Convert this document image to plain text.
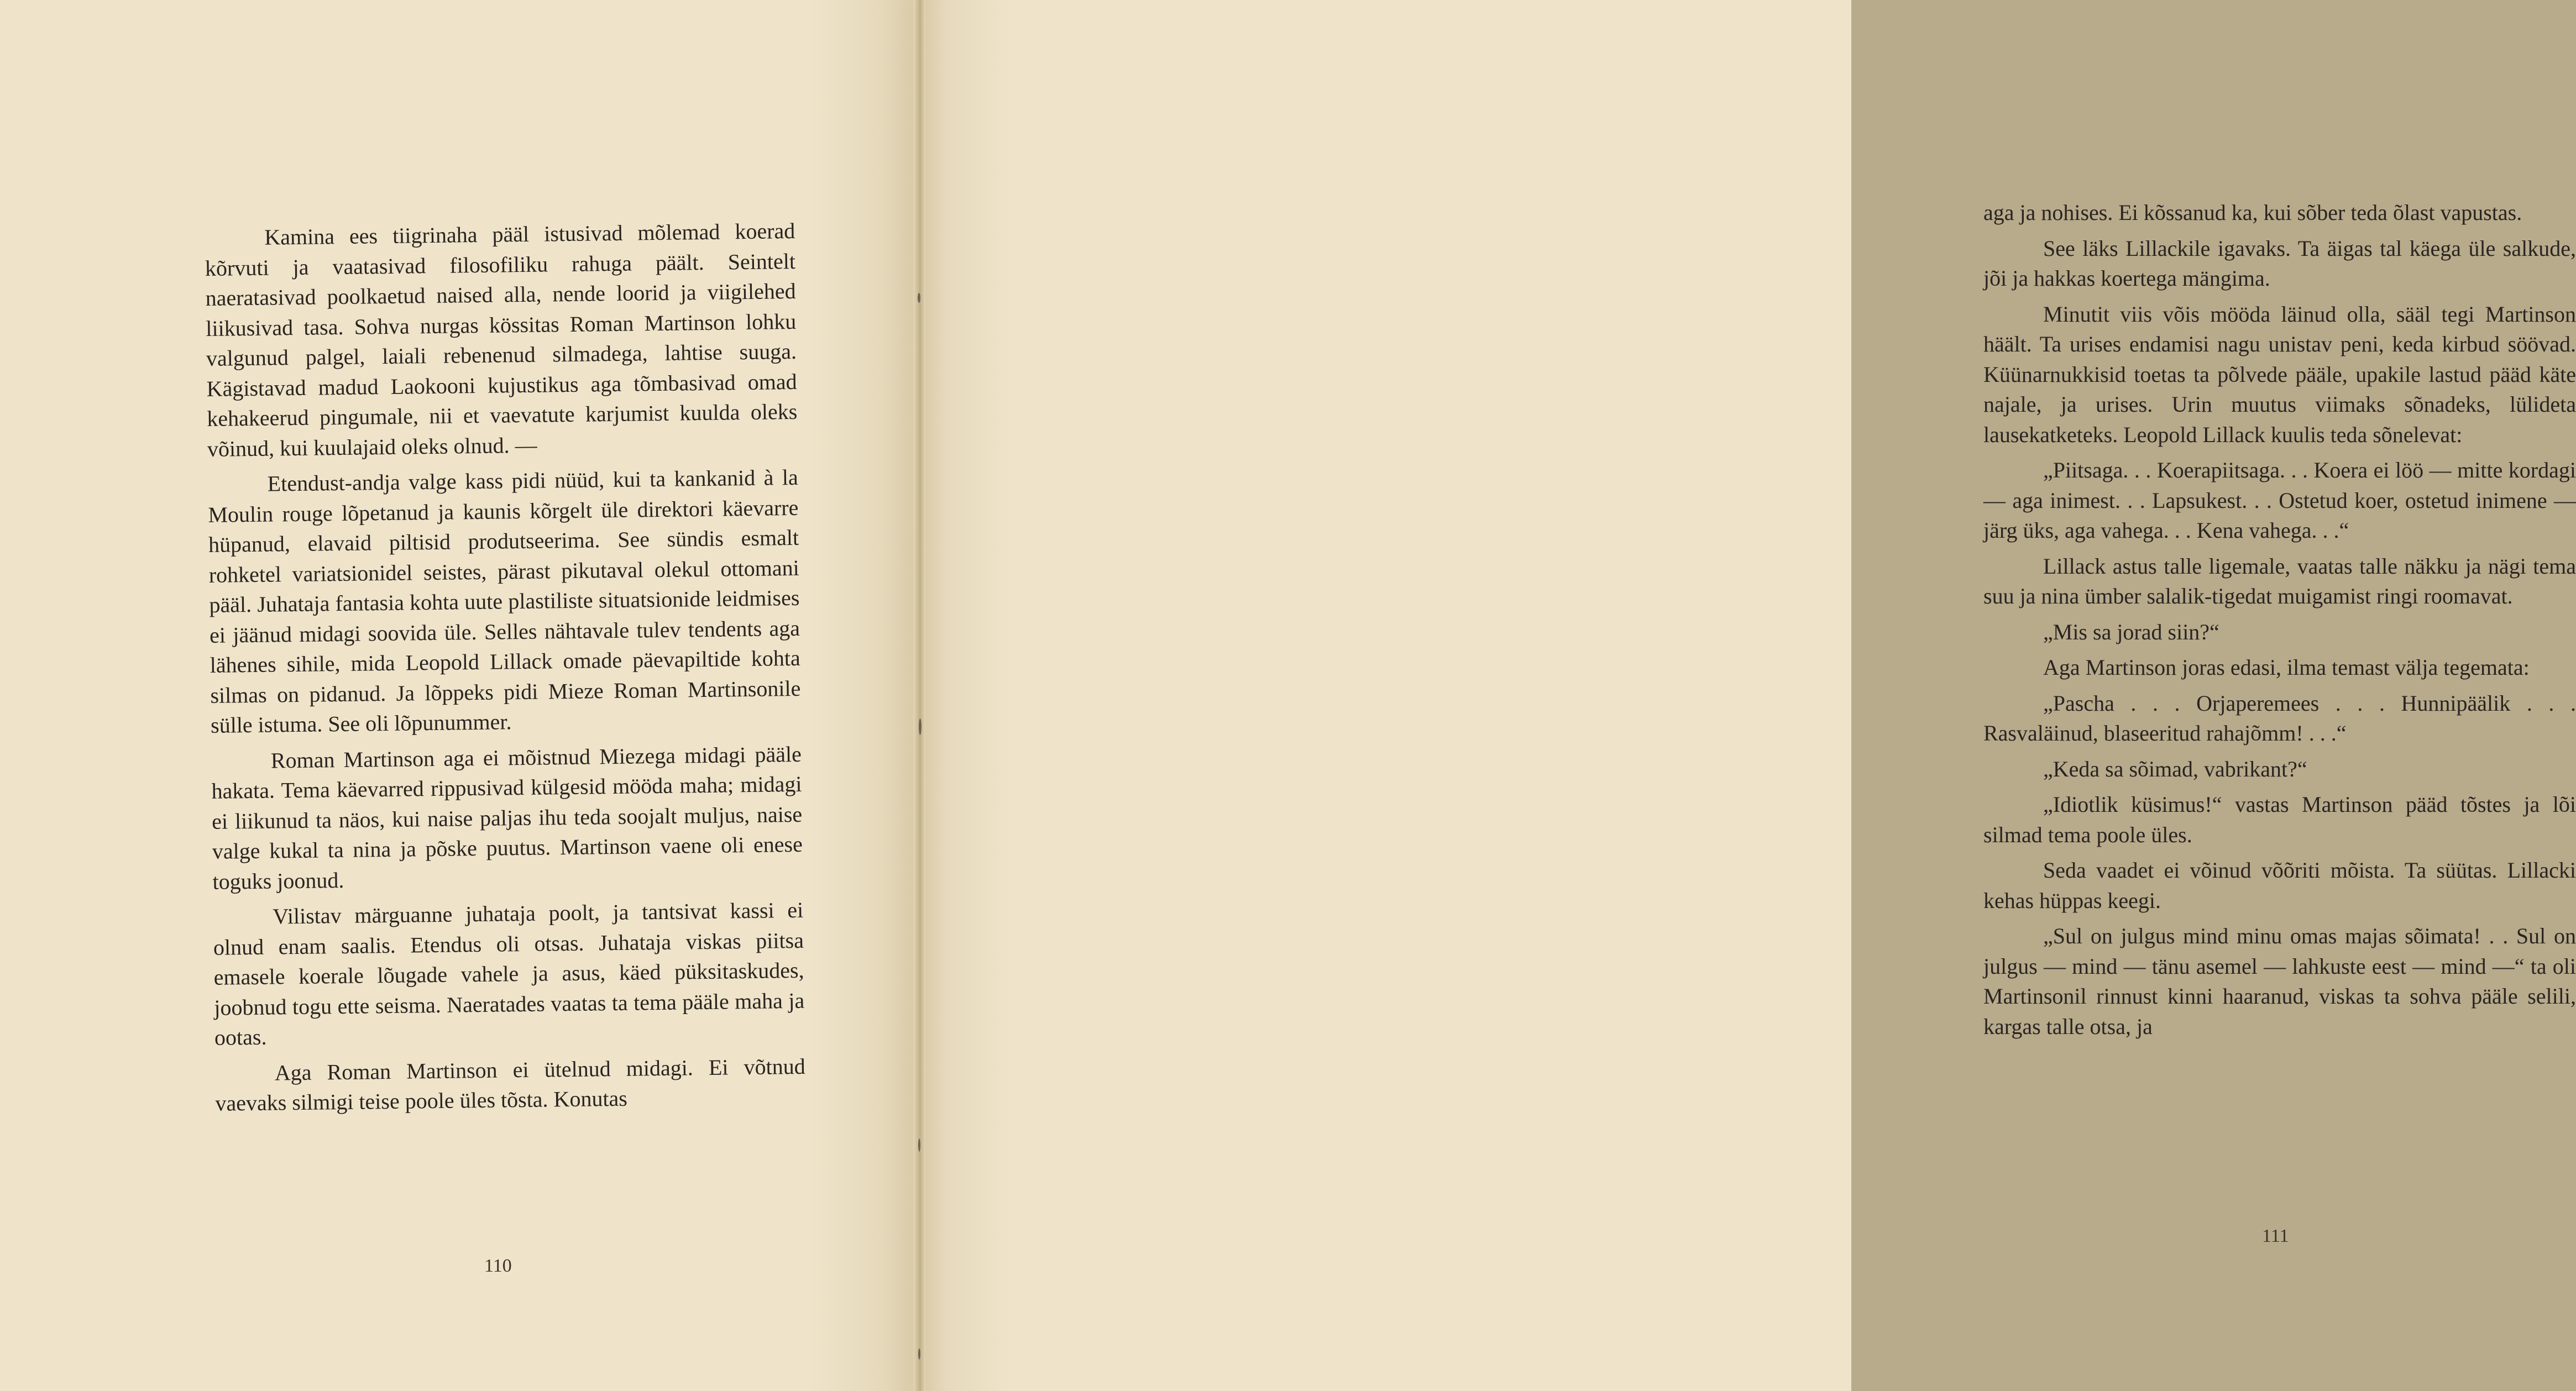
Kamina ees tiigrinaha pääl istusivad mõlemad koerad kõrvuti ja vaatasivad filosofiliku rahuga päält. Seintelt naeratasivad poolkaetud naised alla, nende loorid ja viigilehed liikusivad tasa. Sohva nurgas kössitas Roman Martinson lohku valgunud palgel, laiali rebenenud silmadega, lahtise suuga. Kägistavad madud Laokooni kujustikus aga tõmbasivad omad kehakeerud pingumale, nii et vaevatute karjumist kuulda oleks võinud, kui kuulajaid oleks olnud. —

Etendust-andja valge kass pidi nüüd, kui ta kankanid à la Moulin rouge lõpetanud ja kaunis kõrgelt üle direktori käevarre hüpanud, elavaid piltisid produtseerima. See sündis esmalt rohketel variatsionidel seistes, pärast pikutaval olekul ottomani pääl. Juhataja fantasia kohta uute plastiliste situatsionide leidmises ei jäänud midagi soovida üle. Selles nähtavale tulev tendents aga lähenes sihile, mida Leopold Lillack omade päevapiltide kohta silmas on pidanud. Ja lõppeks pidi Mieze Roman Martinsonile sülle istuma. See oli lõpunummer.

Roman Martinson aga ei mõistnud Miezega midagi pääle hakata. Tema käevarred rippusivad külgesid mööda maha; midagi ei liikunud ta näos, kui naise paljas ihu teda soojalt muljus, naise valge kukal ta nina ja põske puutus. Martinson vaene oli enese toguks joonud.

Vilistav märguanne juhataja poolt, ja tantsivat kassi ei olnud enam saalis. Etendus oli otsas. Juhataja viskas piitsa emasele koerale lõugade vahele ja asus, käed püksitaskudes, joobnud togu ette seisma. Naeratades vaatas ta tema pääle maha ja ootas.

Aga Roman Martinson ei ütelnud midagi. Ei võtnud vaevaks silmigi teise poole üles tõsta. Konutas

110

aga ja nohises. Ei kõssanud ka, kui sõber teda õlast vapustas.

See läks Lillackile igavaks. Ta äigas tal käega üle salkude, jõi ja hakkas koertega mängima.

Minutit viis võis mööda läinud olla, sääl tegi Martinson häält. Ta urises endamisi nagu unistav peni, keda kirbud söövad. Küünarnukkisid toetas ta põlvede pääle, upakile lastud pääd käte najale, ja urises. Urin muutus viimaks sõnadeks, lülideta lausekatketeks. Leopold Lillack kuulis teda sõnelevat:

„Piitsaga. . . Koerapiitsaga. . . Koera ei löö — mitte kordagi — aga inimest. . . Lapsukest. . . Ostetud koer, ostetud inimene — järg üks, aga vahega. . . Kena vahega. . .“

Lillack astus talle ligemale, vaatas talle näkku ja nägi tema suu ja nina ümber salalik-tigedat muigamist ringi roomavat.

„Mis sa jorad siin?“

Aga Martinson joras edasi, ilma temast välja tegemata:

„Pascha . . . Orjaperemees . . . Hunnipäälik . . . Rasvaläinud, blaseeritud rahajõmm! . . .“

„Keda sa sõimad, vabrikant?“

„Idiotlik küsimus!“ vastas Martinson pääd tõstes ja lõi silmad tema poole üles.

Seda vaadet ei võinud võõriti mõista. Ta süütas. Lillacki kehas hüppas keegi.

„Sul on julgus mind minu omas majas sõimata! . . Sul on julgus — mind — tänu asemel — lahkuste eest — mind —“ ta oli Martinsonil rinnust kinni haaranud, viskas ta sohva pääle selili, kargas talle otsa, ja

111
